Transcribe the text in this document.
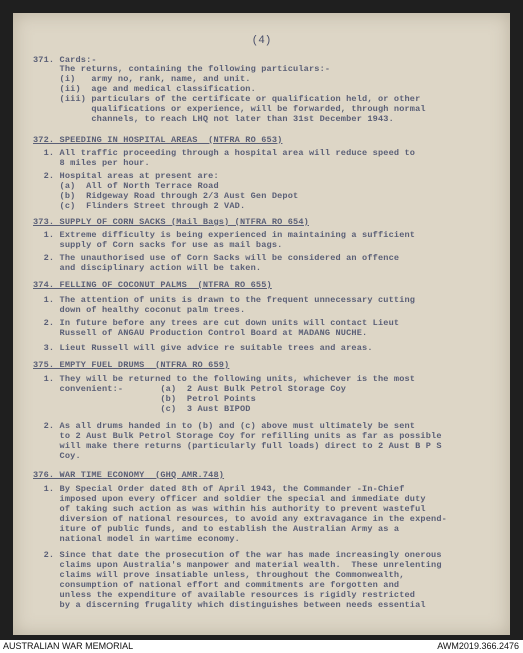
(4)
371. Cards:-
The returns, containing the following particulars:-
(i)   army no, rank, name, and unit.
(ii)  age and medical classification.
(iii) particulars of the certificate or qualification held, or other
qualifications or experience, will be forwarded, through normal
channels, to reach LHQ not later than 31st December 1943.
372. SPEEDING IN HOSPITAL AREAS  (NTFRA RO 653)
1. All traffic proceeding through a hospital area will reduce speed to
8 miles per hour.
2. Hospital areas at present are:
(a)  All of North Terrace Road
(b)  Ridgeway Road through 2/3 Aust Gen Depot
(c)  Flinders Street through 2 VAD.
373. SUPPLY OF CORN SACKS (Mail Bags) (NTFRA RO 654)
1. Extreme difficulty is being experienced in maintaining a sufficient
supply of Corn sacks for use as mail bags.
2. The unauthorised use of Corn Sacks will be considered an offence
and disciplinary action will be taken.
374. FELLING OF COCONUT PALMS  (NTFRA RO 655)
1. The attention of units is drawn to the frequent unnecessary cutting
down of healthy coconut palm trees.
2. In future before any trees are cut down units will contact Lieut
Russell of ANGAU Production Control Board at MADANG NUCHE.
3. Lieut Russell will give advice re suitable trees and areas.
375. EMPTY FUEL DRUMS  (NTFRA RO 659)
1. They will be returned to the following units, whichever is the most
convenient:-       (a)  2 Aust Bulk Petrol Storage Coy
(b)  Petrol Points
(c)  3 Aust BIPOD
2. As all drums handed in to (b) and (c) above must ultimately be sent
to 2 Aust Bulk Petrol Storage Coy for refilling units as far as possible
will make there returns (particularly full loads) direct to 2 Aust B P S
Coy.
376. WAR TIME ECONOMY  (GHQ AMR.748)
1. By Special Order dated 8th of April 1943, the Commander -In-Chief
imposed upon every officer and soldier the special and immediate duty
of taking such action as was within his authority to prevent wasteful
diversion of national resources, to avoid any extravagance in the expend-
iture of public funds, and to establish the Australian Army as a
national model in wartime economy.
2. Since that date the prosecution of the war has made increasingly onerous
claims upon Australia's manpower and material wealth.  These unrelenting
claims will prove insatiable unless, throughout the Commonwealth,
consumption of national effort and commitments are forgotten and
unless the expenditure of available resources is rigidly restricted
by a discerning frugality which distinguishes between needs essential
AUSTRALIAN WAR MEMORIAL	AWM2019.366.2476
